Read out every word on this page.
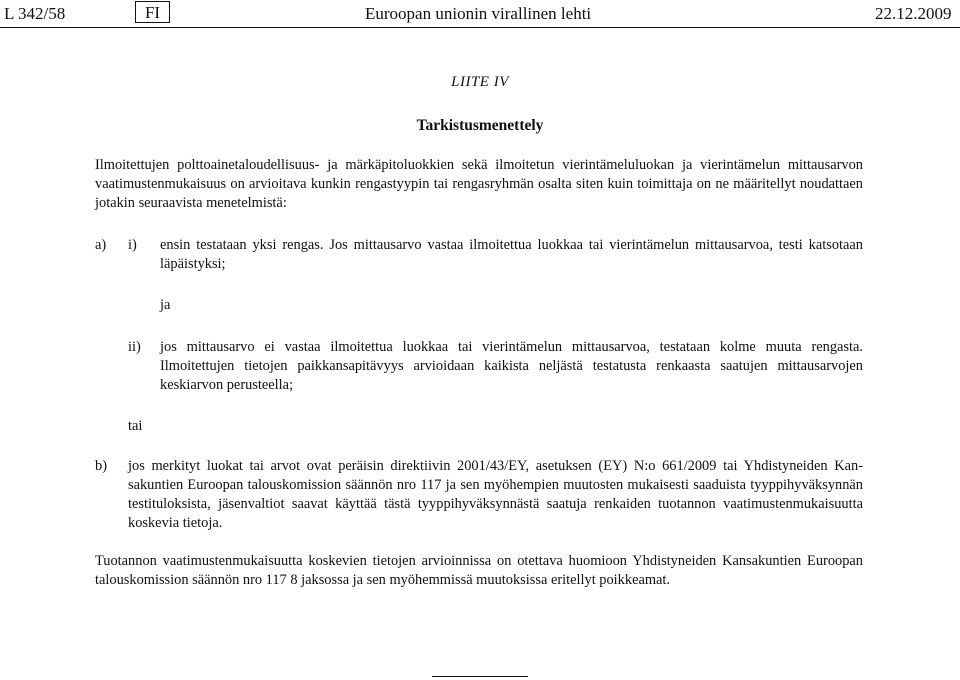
L 342/58	FI	Euroopan unionin virallinen lehti	22.12.2009
LIITE IV
Tarkistusmenettely
Ilmoitettujen polttoainetaloudellisuus- ja märkäpitoluokkien sekä ilmoitetun vierintämeluluokan ja vierintämelun mittausarvon vaatimustenmukaisuus on arvioitava kunkin rengastyypin tai rengasryhmän osalta siten kuin toimittaja on ne määritellyt noudattaen jotakin seuraavista menetelmistä:
a) i) ensin testataan yksi rengas. Jos mittausarvo vastaa ilmoitettua luokkaa tai vierintämelun mittausarvoa, testi katsotaan läpäistyksi;
ja
ii) jos mittausarvo ei vastaa ilmoitettua luokkaa tai vierintämelun mittausarvoa, testataan kolme muuta rengasta. Ilmoitettujen tietojen paikkansapitävyys arvioidaan kaikista neljästä testatusta renkaasta saatujen mittausarvojen keskiarvon perusteella;
tai
b) jos merkityt luokat tai arvot ovat peräisin direktiivin 2001/43/EY, asetuksen (EY) N:o 661/2009 tai Yhdistyneiden Kansakuntien Euroopan talouskomission säännön nro 117 ja sen myöhempien muutosten mukaisesti saaduista tyyppihyväksynnän testituloksista, jäsenvaltiot saavat käyttää tästä tyyppihyväksynnästä saatuja renkaiden tuotannon vaatimustenmukaisuutta koskevia tietoja.
Tuotannon vaatimustenmukaisuutta koskevien tietojen arvioinnissa on otettava huomioon Yhdistyneiden Kansakuntien Euroopan talouskomission säännön nro 117 8 jaksossa ja sen myöhemmissä muutoksissa eritellyt poikkeamat.
